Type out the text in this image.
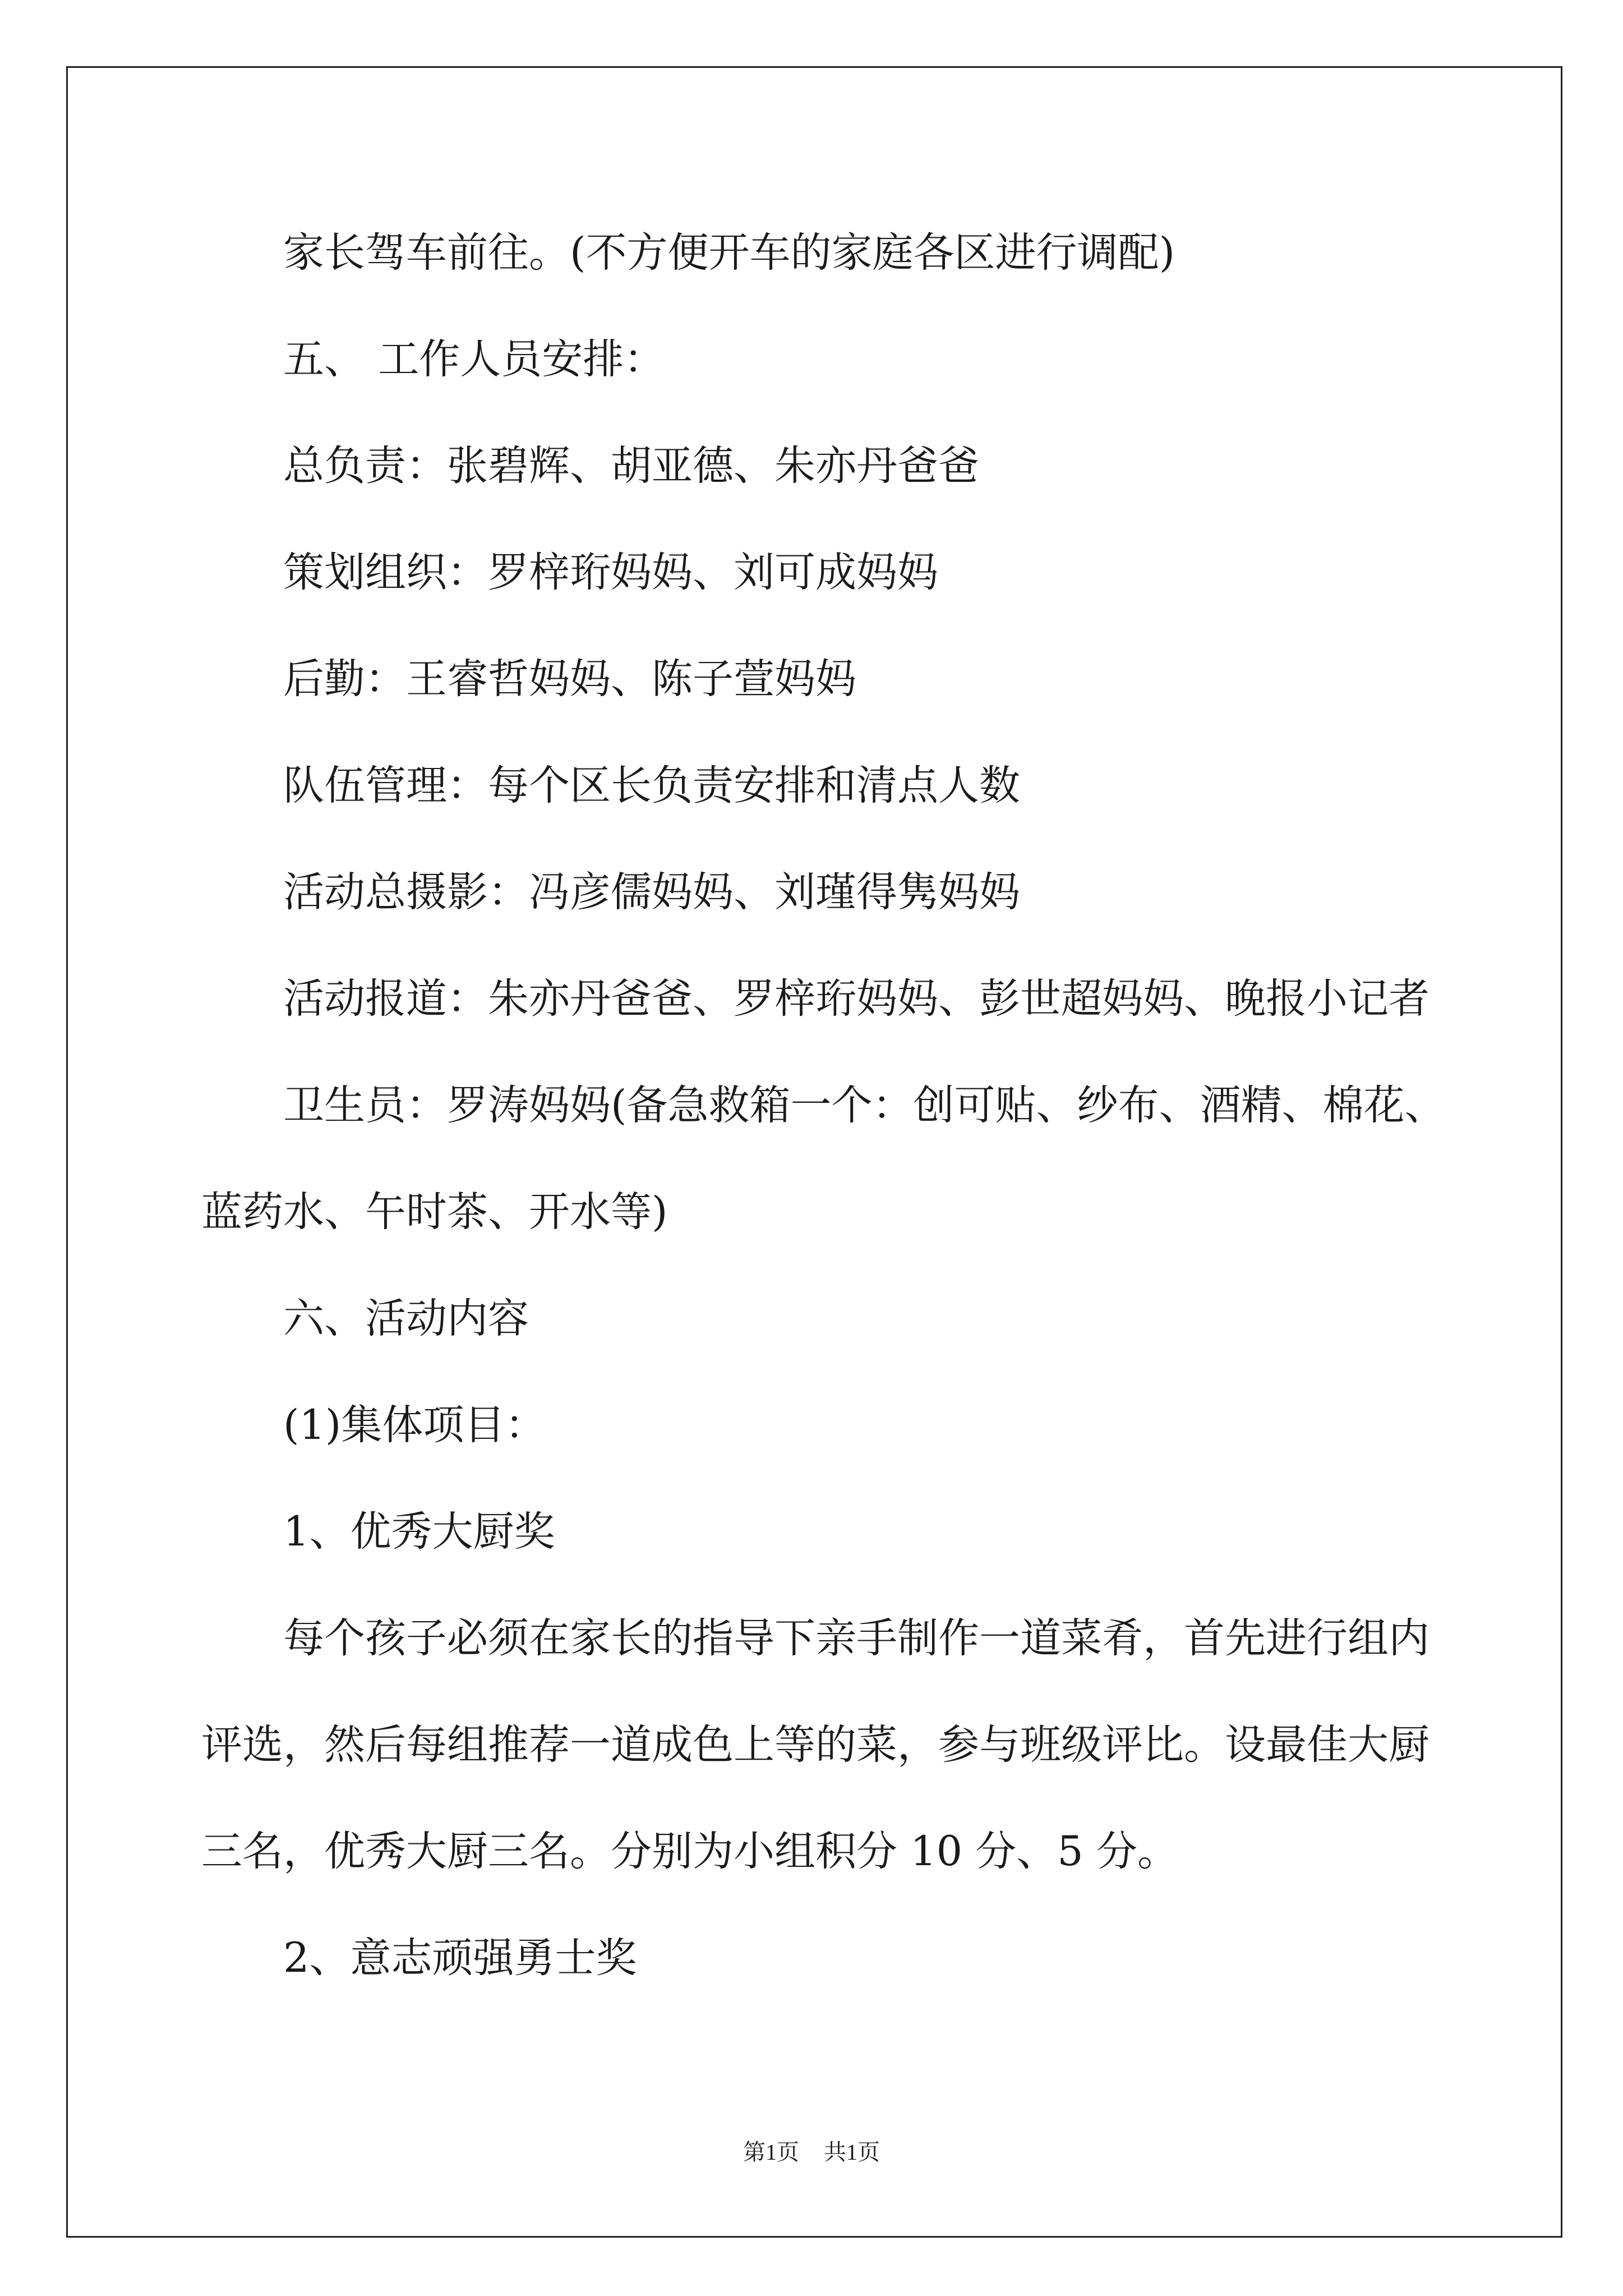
家长驾车前往。(不方便开车的家庭各区进行调配)
五、 工作人员安排：
总负责：张碧辉、胡亚德、朱亦丹爸爸
策划组织：罗梓珩妈妈、刘可成妈妈
后勤：王睿哲妈妈、陈子萱妈妈
队伍管理：每个区长负责安排和清点人数
活动总摄影：冯彦儒妈妈、刘瑾得隽妈妈
活动报道：朱亦丹爸爸、罗梓珩妈妈、彭世超妈妈、晚报小记者
卫生员：罗涛妈妈(备急救箱一个：创可贴、纱布、酒精、棉花、
蓝药水、午时茶、开水等)
六、活动内容
(1)集体项目：
1、优秀大厨奖
每个孩子必须在家长的指导下亲手制作一道菜肴，首先进行组内
评选，然后每组推荐一道成色上等的菜，参与班级评比。设最佳大厨
三名，优秀大厨三名。分别为小组积分 10 分、5 分。
2、意志顽强勇士奖
第1页 共1页
